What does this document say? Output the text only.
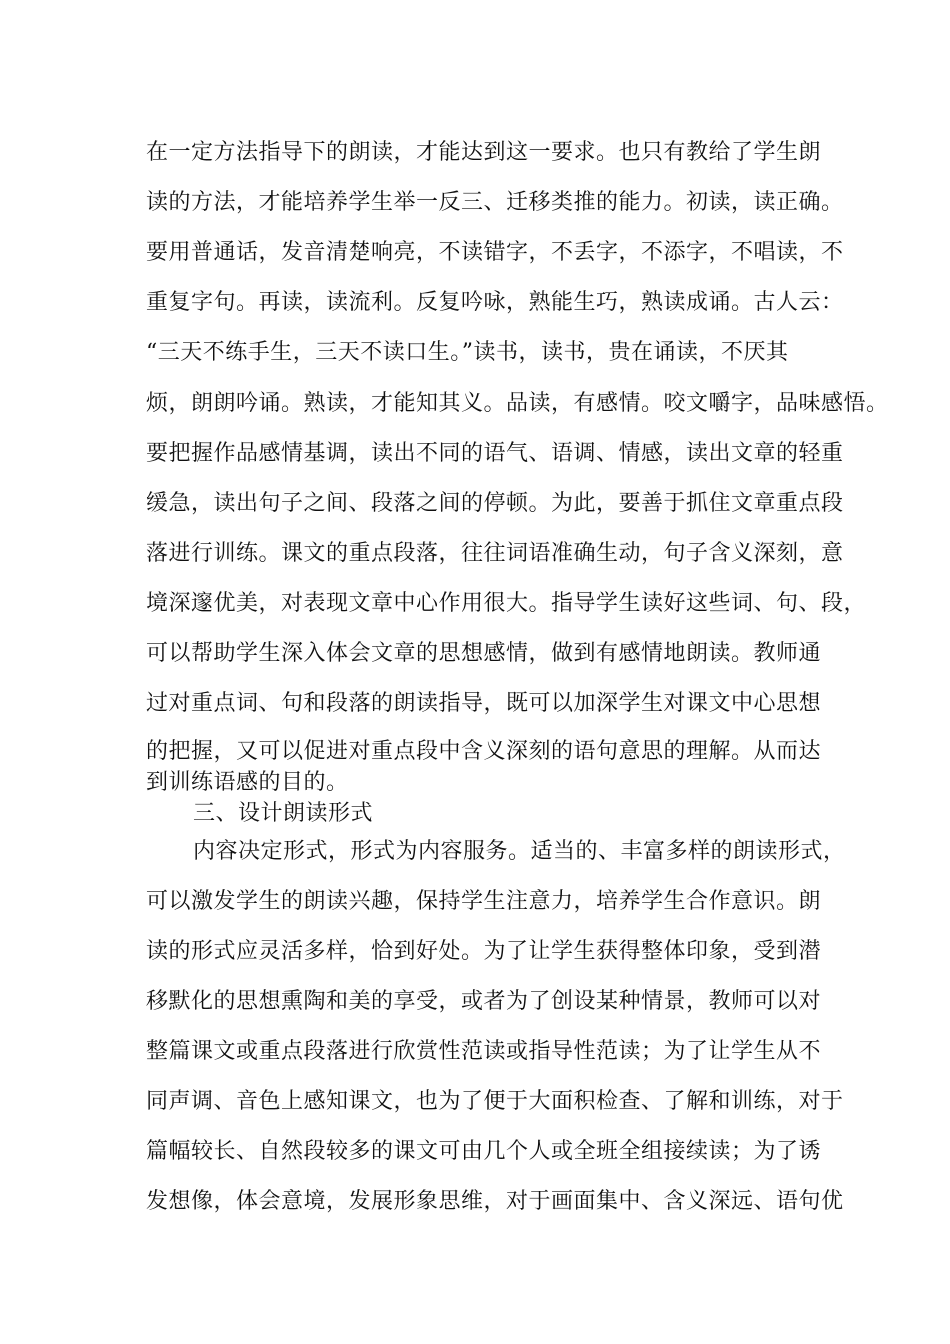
在一定方法指导下的朗读，才能达到这一要求。也只有教给了学生朗
读的方法，才能培养学生举一反三、迁移类推的能力。初读，读正确。
要用普通话，发音清楚响亮，不读错字，不丢字，不添字，不唱读，不
重复字句。再读，读流利。反复吟咏，熟能生巧，熟读成诵。古人云：
“三天不练手生，三天不读口生。”读书，读书，贵在诵读，不厌其
烦，朗朗吟诵。熟读，才能知其义。品读，有感情。咬文嚼字，品味感悟。
要把握作品感情基调，读出不同的语气、语调、情感，读出文章的轻重
缓急，读出句子之间、段落之间的停顿。为此，要善于抓住文章重点段
落进行训练。课文的重点段落，往往词语准确生动，句子含义深刻，意
境深邃优美，对表现文章中心作用很大。指导学生读好这些词、句、段，
可以帮助学生深入体会文章的思想感情，做到有感情地朗读。教师通
过对重点词、句和段落的朗读指导，既可以加深学生对课文中心思想
的把握，又可以促进对重点段中含义深刻的语句意思的理解。从而达
到训练语感的目的。
三、设计朗读形式
内容决定形式，形式为内容服务。适当的、丰富多样的朗读形式，
可以激发学生的朗读兴趣，保持学生注意力，培养学生合作意识。朗
读的形式应灵活多样，恰到好处。为了让学生获得整体印象，受到潜
移默化的思想熏陶和美的享受，或者为了创设某种情景，教师可以对
整篇课文或重点段落进行欣赏性范读或指导性范读；为了让学生从不
同声调、音色上感知课文，也为了便于大面积检查、了解和训练，对于
篇幅较长、自然段较多的课文可由几个人或全班全组接续读；为了诱
发想像，体会意境，发展形象思维，对于画面集中、含义深远、语句优
